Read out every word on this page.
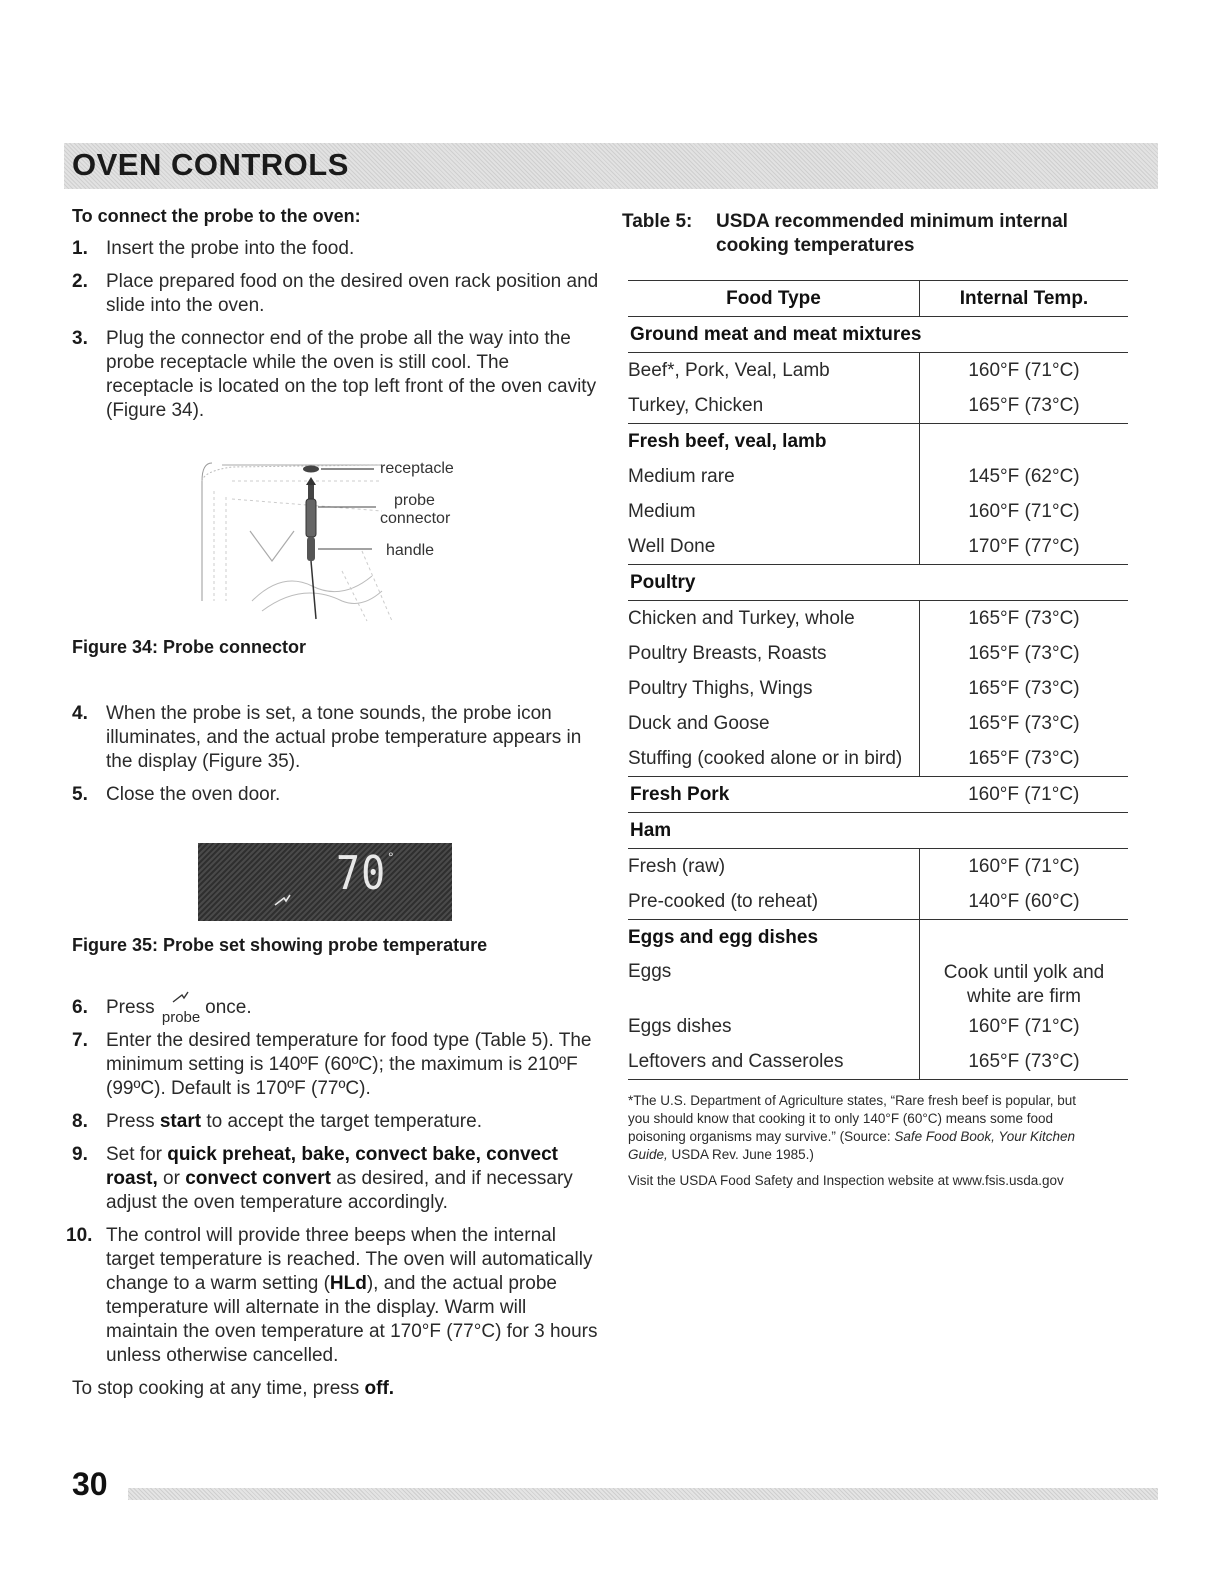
OVEN CONTROLS
To connect the probe to the oven:
1. Insert the probe into the food.
2. Place prepared food on the desired oven rack position and slide into the oven.
3. Plug the connector end of the probe all the way into the probe receptacle while the oven is still cool. The receptacle is located on the top left front of the oven cavity (Figure 34).
receptacle
probe
connector
handle
Figure 34: Probe connector
4. When the probe is set, a tone sounds, the probe icon illuminates, and the actual probe temperature appears in the display (Figure 35).
5. Close the oven door.
70 °
Figure 35: Probe set showing probe temperature
6. Press probe once.
7. Enter the desired temperature for food type (Table 5). The minimum setting is 140ºF (60ºC); the maximum is 210ºF (99ºC). Default is 170ºF (77ºC).
8. Press start to accept the target temperature.
9. Set for quick preheat, bake, convect bake, convect roast, or convect convert as desired, and if necessary adjust the oven temperature accordingly.
10. The control will provide three beeps when the internal target temperature is reached. The oven will automatically change to a warm setting (HLd), and the actual probe temperature will alternate in the display. Warm will maintain the oven temperature at 170°F (77°C) for 3 hours unless otherwise cancelled.
To stop cooking at any time, press off.
Table 5: USDA recommended minimum internal cooking temperatures
Food Type	Internal Temp.
Ground meat and meat mixtures	
Beef*, Pork, Veal, Lamb	160°F (71°C)
Turkey, Chicken	165°F (73°C)
Fresh beef, veal, lamb	
Medium rare	145°F (62°C)
Medium	160°F (71°C)
Well Done	170°F (77°C)
Poultry	
Chicken and Turkey, whole	165°F (73°C)
Poultry Breasts, Roasts	165°F (73°C)
Poultry Thighs, Wings	165°F (73°C)
Duck and Goose	165°F (73°C)
Stuffing (cooked alone or in bird)	165°F (73°C)
Fresh Pork	160°F (71°C)
Ham	
Fresh (raw)	160°F (71°C)
Pre-cooked (to reheat)	140°F (60°C)
Eggs and egg dishes	
Eggs	Cook until yolk and white are firm
Eggs dishes	160°F (71°C)
Leftovers and Casseroles	165°F (73°C)

*The U.S. Department of Agriculture states, “Rare fresh beef is popular, but you should know that cooking it to only 140°F (60°C) means some food poisoning organisms may survive.” (Source: Safe Food Book, Your Kitchen Guide, USDA Rev. June 1985.)

Visit the USDA Food Safety and Inspection website at www.fsis.usda.gov

30
